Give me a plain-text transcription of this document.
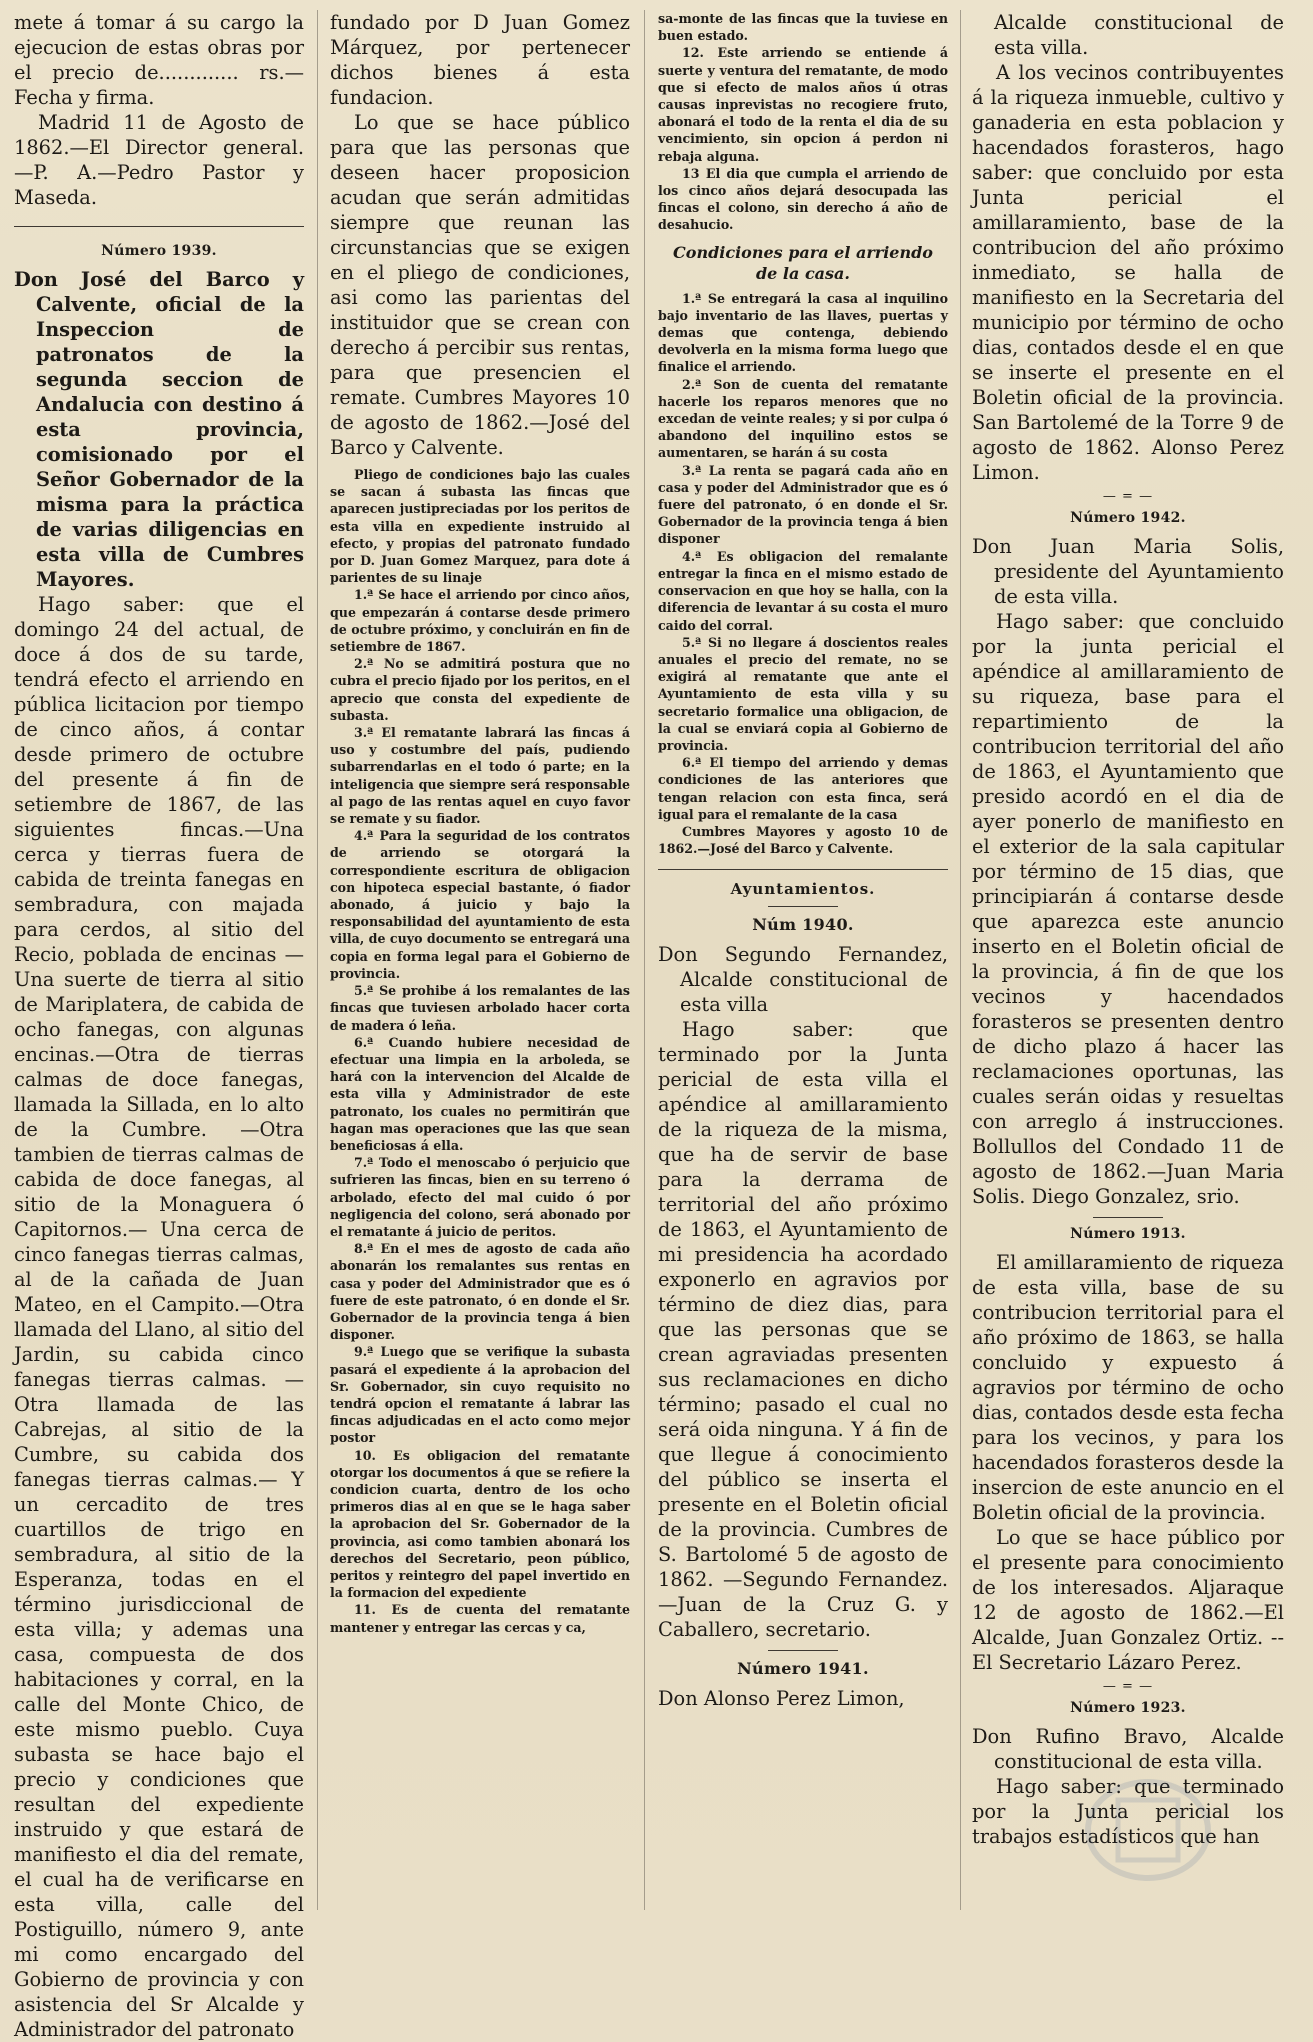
mete á tomar á su cargo la ejecucion de estas obras por el precio de............. rs.— Fecha y firma.

Madrid 11 de Agosto de 1862.—El Director general. —P. A.—Pedro Pastor y Maseda.

Número 1939.

Don José del Barco y Calvente, oficial de la Inspeccion de patronatos de la segunda seccion de Andalucia con destino á esta provincia, comisionado por el Señor Gobernador de la misma para la práctica de varias diligencias en esta villa de Cumbres Mayores.

Hago saber: que el domingo 24 del actual, de doce á dos de su tarde, tendrá efecto el arriendo en pública licitacion por tiempo de cinco años, á contar desde primero de octubre del presente á fin de setiembre de 1867, de las siguientes fincas.—Una cerca y tierras fuera de cabida de treinta fanegas en sembradura, con majada para cerdos, al sitio del Recio, poblada de encinas —Una suerte de tierra al sitio de Mariplatera, de cabida de ocho fanegas, con algunas encinas.—Otra de tierras calmas de doce fanegas, llamada la Sillada, en lo alto de la Cumbre. —Otra tambien de tierras calmas de cabida de doce fanegas, al sitio de la Monaguera ó Capitornos.— Una cerca de cinco fanegas tierras calmas, al de la cañada de Juan Mateo, en el Campito.—Otra llamada del Llano, al sitio del Jardin, su cabida cinco fanegas tierras calmas. —Otra llamada de las Cabrejas, al sitio de la Cumbre, su cabida dos fanegas tierras calmas.— Y un cercadito de tres cuartillos de trigo en sembradura, al sitio de la Esperanza, todas en el término jurisdiccional de esta villa; y ademas una casa, compuesta de dos habitaciones y corral, en la calle del Monte Chico, de este mismo pueblo. Cuya subasta se hace bajo el precio y condiciones que resultan del expediente instruido y que estará de manifiesto el dia del remate, el cual ha de verificarse en esta villa, calle del Postiguillo, número 9, ante mi como encargado del Gobierno de provincia y con asistencia del Sr Alcalde y Administrador del patronato

fundado por D Juan Gomez Márquez, por pertenecer dichos bienes á esta fundacion.

Lo que se hace público para que las personas que deseen hacer proposicion acudan que serán admitidas siempre que reunan las circunstancias que se exigen en el pliego de condiciones, asi como las parientas del instituidor que se crean con derecho á percibir sus rentas, para que presencien el remate. Cumbres Mayores 10 de agosto de 1862.—José del Barco y Calvente.

Pliego de condiciones bajo las cuales se sacan á subasta las fincas que aparecen justipreciadas por los peritos de esta villa en expediente instruido al efecto, y propias del patronato fundado por D. Juan Gomez Marquez, para dote á parientes de su linaje

1.ª Se hace el arriendo por cinco años, que empezarán á contarse desde primero de octubre próximo, y concluirán en fin de setiembre de 1867.

2.ª No se admitirá postura que no cubra el precio fijado por los peritos, en el aprecio que consta del expediente de subasta.

3.ª El rematante labrará las fincas á uso y costumbre del país, pudiendo subarrendarlas en el todo ó parte; en la inteligencia que siempre será responsable al pago de las rentas aquel en cuyo favor se remate y su fiador.

4.ª Para la seguridad de los contratos de arriendo se otorgará la correspondiente escritura de obligacion con hipoteca especial bastante, ó fiador abonado, á juicio y bajo la responsabilidad del ayuntamiento de esta villa, de cuyo documento se entregará una copia en forma legal para el Gobierno de provincia.

5.ª Se prohibe á los remalantes de las fincas que tuviesen arbolado hacer corta de madera ó leña.

6.ª Cuando hubiere necesidad de efectuar una limpia en la arboleda, se hará con la intervencion del Alcalde de esta villa y Administrador de este patronato, los cuales no permitirán que hagan mas operaciones que las que sean beneficiosas á ella.

7.ª Todo el menoscabo ó perjuicio que sufrieren las fincas, bien en su terreno ó arbolado, efecto del mal cuido ó por negligencia del colono, será abonado por el rematante á juicio de peritos.

8.ª En el mes de agosto de cada año abonarán los remalantes sus rentas en casa y poder del Administrador que es ó fuere de este patronato, ó en donde el Sr. Gobernador de la provincia tenga á bien disponer.

9.ª Luego que se verifique la subasta pasará el expediente á la aprobacion del Sr. Gobernador, sin cuyo requisito no tendrá opcion el rematante á labrar las fincas adjudicadas en el acto como mejor postor

10. Es obligacion del rematante otorgar los documentos á que se refiere la condicion cuarta, dentro de los ocho primeros dias al en que se le haga saber la aprobacion del Sr. Gobernador de la provincia, asi como tambien abonará los derechos del Secretario, peon público, peritos y reintegro del papel invertido en la formacion del expediente

11. Es de cuenta del rematante mantener y entregar las cercas y ca,

sa-monte de las fincas que la tuviese en buen estado.

12. Este arriendo se entiende á suerte y ventura del rematante, de modo que si efecto de malos años ú otras causas inprevistas no recogiere fruto, abonará el todo de la renta el dia de su vencimiento, sin opcion á perdon ni rebaja alguna.

13 El dia que cumpla el arriendo de los cinco años dejará desocupada las fincas el colono, sin derecho á año de desahucio.

Condiciones para el arriendo de la casa.

1.ª Se entregará la casa al inquilino bajo inventario de las llaves, puertas y demas que contenga, debiendo devolverla en la misma forma luego que finalice el arriendo.

2.ª Son de cuenta del rematante hacerle los reparos menores que no excedan de veinte reales; y si por culpa ó abandono del inquilino estos se aumentaren, se harán á su costa

3.ª La renta se pagará cada año en casa y poder del Administrador que es ó fuere del patronato, ó en donde el Sr. Gobernador de la provincia tenga á bien disponer

4.ª Es obligacion del remalante entregar la finca en el mismo estado de conservacion en que hoy se halla, con la diferencia de levantar á su costa el muro caido del corral.

5.ª Si no llegare á doscientos reales anuales el precio del remate, no se exigirá al rematante que ante el Ayuntamiento de esta villa y su secretario formalice una obligacion, de la cual se enviará copia al Gobierno de provincia.

6.ª El tiempo del arriendo y demas condiciones de las anteriores que tengan relacion con esta finca, será igual para el remalante de la casa

Cumbres Mayores y agosto 10 de 1862.—José del Barco y Calvente.

Ayuntamientos.
Núm 1940.

Don Segundo Fernandez, Alcalde constitucional de esta villa

Hago saber: que terminado por la Junta pericial de esta villa el apéndice al amillaramiento de la riqueza de la misma, que ha de servir de base para la derrama de territorial del año próximo de 1863, el Ayuntamiento de mi presidencia ha acordado exponerlo en agravios por término de diez dias, para que las personas que se crean agraviadas presenten sus reclamaciones en dicho término; pasado el cual no será oida ninguna. Y á fin de que llegue á conocimiento del público se inserta el presente en el Boletin oficial de la provincia. Cumbres de S. Bartolomé 5 de agosto de 1862. —Segundo Fernandez.—Juan de la Cruz G. y Caballero, secretario.

Número 1941.

Don Alonso Perez Limon,

Alcalde constitucional de esta villa.

A los vecinos contribuyentes á la riqueza inmueble, cultivo y ganaderia en esta poblacion y hacendados forasteros, hago saber: que concluido por esta Junta pericial el amillaramiento, base de la contribucion del año próximo inmediato, se halla de manifiesto en la Secretaria del municipio por término de ocho dias, contados desde el en que se inserte el presente en el Boletin oficial de la provincia. San Bartolemé de la Torre 9 de agosto de 1862. Alonso Perez Limon.

— = —
Número 1942.

Don Juan Maria Solis, presidente del Ayuntamiento de esta villa.

Hago saber: que concluido por la junta pericial el apéndice al amillaramiento de su riqueza, base para el repartimiento de la contribucion territorial del año de 1863, el Ayuntamiento que presido acordó en el dia de ayer ponerlo de manifiesto en el exterior de la sala capitular por término de 15 dias, que principiarán á contarse desde que aparezca este anuncio inserto en el Boletin oficial de la provincia, á fin de que los vecinos y hacendados forasteros se presenten dentro de dicho plazo á hacer las reclamaciones oportunas, las cuales serán oidas y resueltas con arreglo á instrucciones. Bollullos del Condado 11 de agosto de 1862.—Juan Maria Solis. Diego Gonzalez, srio.

Número 1913.

El amillaramiento de riqueza de esta villa, base de su contribucion territorial para el año próximo de 1863, se halla concluido y expuesto á agravios por término de ocho dias, contados desde esta fecha para los vecinos, y para los hacendados forasteros desde la insercion de este anuncio en el Boletin oficial de la provincia.

Lo que se hace público por el presente para conocimiento de los interesados. Aljaraque 12 de agosto de 1862.—El Alcalde, Juan Gonzalez Ortiz. --El Secretario Lázaro Perez.

— = —
Número 1923.

Don Rufino Bravo, Alcalde constitucional de esta villa.

Hago saber: que terminado por la Junta pericial los trabajos estadísticos que han
